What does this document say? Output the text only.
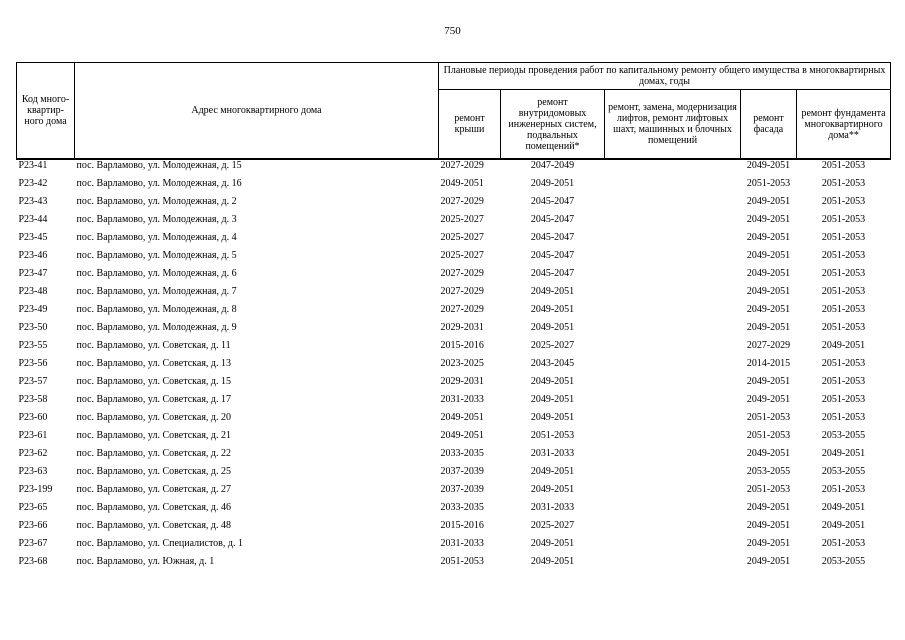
750
Код много-квартир-ного дома	Адрес многоквартирного дома	Плановые периоды проведения работ по капитальному ремонту общего имущества в многоквартирных домах, годы				
		ремонт крыши	ремонт внутридомовых инженерных систем, подвальных помещений*	ремонт, замена, модернизация лифтов, ремонт лифтовых шахт, машинных и блочных помещений	ремонт фасада	ремонт фундамента многоквартирного дома**
Р23-41	пос. Варламово, ул. Молодежная, д. 15	2027-2029	2047-2049		2049-2051	2051-2053
Р23-42	пос. Варламово, ул. Молодежная, д. 16	2049-2051	2049-2051		2051-2053	2051-2053
Р23-43	пос. Варламово, ул. Молодежная, д. 2	2027-2029	2045-2047		2049-2051	2051-2053
Р23-44	пос. Варламово, ул. Молодежная, д. 3	2025-2027	2045-2047		2049-2051	2051-2053
Р23-45	пос. Варламово, ул. Молодежная, д. 4	2025-2027	2045-2047		2049-2051	2051-2053
Р23-46	пос. Варламово, ул. Молодежная, д. 5	2025-2027	2045-2047		2049-2051	2051-2053
Р23-47	пос. Варламово, ул. Молодежная, д. 6	2027-2029	2045-2047		2049-2051	2051-2053
Р23-48	пос. Варламово, ул. Молодежная, д. 7	2027-2029	2049-2051		2049-2051	2051-2053
Р23-49	пос. Варламово, ул. Молодежная, д. 8	2027-2029	2049-2051		2049-2051	2051-2053
Р23-50	пос. Варламово, ул. Молодежная, д. 9	2029-2031	2049-2051		2049-2051	2051-2053
Р23-55	пос. Варламово, ул. Советская, д. 11	2015-2016	2025-2027		2027-2029	2049-2051
Р23-56	пос. Варламово, ул. Советская, д. 13	2023-2025	2043-2045		2014-2015	2051-2053
Р23-57	пос. Варламово, ул. Советская, д. 15	2029-2031	2049-2051		2049-2051	2051-2053
Р23-58	пос. Варламово, ул. Советская, д. 17	2031-2033	2049-2051		2049-2051	2051-2053
Р23-60	пос. Варламово, ул. Советская, д. 20	2049-2051	2049-2051		2051-2053	2051-2053
Р23-61	пос. Варламово, ул. Советская, д. 21	2049-2051	2051-2053		2051-2053	2053-2055
Р23-62	пос. Варламово, ул. Советская, д. 22	2033-2035	2031-2033		2049-2051	2049-2051
Р23-63	пос. Варламово, ул. Советская, д. 25	2037-2039	2049-2051		2053-2055	2053-2055
Р23-199	пос. Варламово, ул. Советская, д. 27	2037-2039	2049-2051		2051-2053	2051-2053
Р23-65	пос. Варламово, ул. Советская, д. 46	2033-2035	2031-2033		2049-2051	2049-2051
Р23-66	пос. Варламово, ул. Советская, д. 48	2015-2016	2025-2027		2049-2051	2049-2051
Р23-67	пос. Варламово, ул. Специалистов, д. 1	2031-2033	2049-2051		2049-2051	2051-2053
Р23-68	пос. Варламово, ул. Южная, д. 1	2051-2053	2049-2051		2049-2051	2053-2055
